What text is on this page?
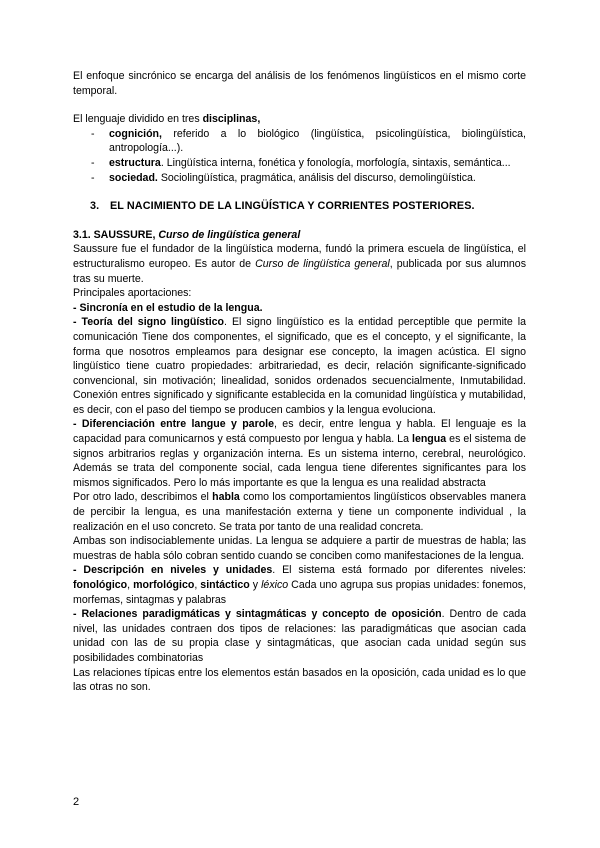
El enfoque sincrónico se encarga del análisis de los fenómenos lingüísticos en el mismo corte temporal.

El lenguaje dividido en tres disciplinas,

- cognición, referido a lo biológico (lingüística, psicolingüística, biolingüística, antropología...).
- estructura. Lingüística interna, fonética y fonología, morfología, sintaxis, semántica...
- sociedad. Sociolingüística, pragmática, análisis del discurso, demolingüística.

3. EL NACIMIENTO DE LA LINGÜÍSTICA Y CORRIENTES POSTERIORES.

3.1. SAUSSURE, Curso de lingüística general

Saussure fue el fundador de la lingüística moderna, fundó la primera escuela de lingüística, el estructuralismo europeo. Es autor de Curso de lingüística general, publicada por sus alumnos tras su muerte.

Principales aportaciones:

- Sincronía en el estudio de la lengua.

- Teoría del signo lingüístico. El signo lingüístico es la entidad perceptible que permite la comunicación Tiene dos componentes, el significado, que es el concepto, y el significante, la forma que nosotros empleamos para designar ese concepto, la imagen acústica. El signo lingüístico tiene cuatro propiedades: arbitrariedad, es decir, relación significante-significado convencional, sin motivación; linealidad, sonidos ordenados secuencialmente, Inmutabilidad. Conexión entres significado y significante establecida en la comunidad lingüística y mutabilidad, es decir, con el paso del tiempo se producen cambios y la lengua evoluciona.

- Diferenciación entre langue y parole, es decir, entre lengua y habla. El lenguaje es la capacidad para comunicarnos y está compuesto por lengua y habla. La lengua es el sistema de signos arbitrarios reglas y organización interna. Es un sistema interno, cerebral, neurológico. Además se trata del componente social, cada lengua tiene diferentes significantes para los mismos significados. Pero lo más importante es que la lengua es una realidad abstracta

Por otro lado, describimos el habla como los comportamientos lingüísticos observables manera de percibir la lengua, es una manifestación externa y tiene un componente individual , la realización en el uso concreto. Se trata por tanto de una realidad concreta.

Ambas son indisociablemente unidas. La lengua se adquiere a partir de muestras de habla; las muestras de habla sólo cobran sentido cuando se conciben como manifestaciones de la lengua.

- Descripción en niveles y unidades. El sistema está formado por diferentes niveles: fonológico, morfológico, sintáctico y léxico Cada uno agrupa sus propias unidades: fonemos, morfemas, sintagmas y palabras

- Relaciones paradigmáticas y sintagmáticas y concepto de oposición. Dentro de cada nivel, las unidades contraen dos tipos de relaciones: las paradigmáticas que asocian cada unidad con las de su propia clase y sintagmáticas, que asocian cada unidad según sus posibilidades combinatorias

Las relaciones típicas entre los elementos están basados en la oposición, cada unidad es lo que las otras no son.

2
